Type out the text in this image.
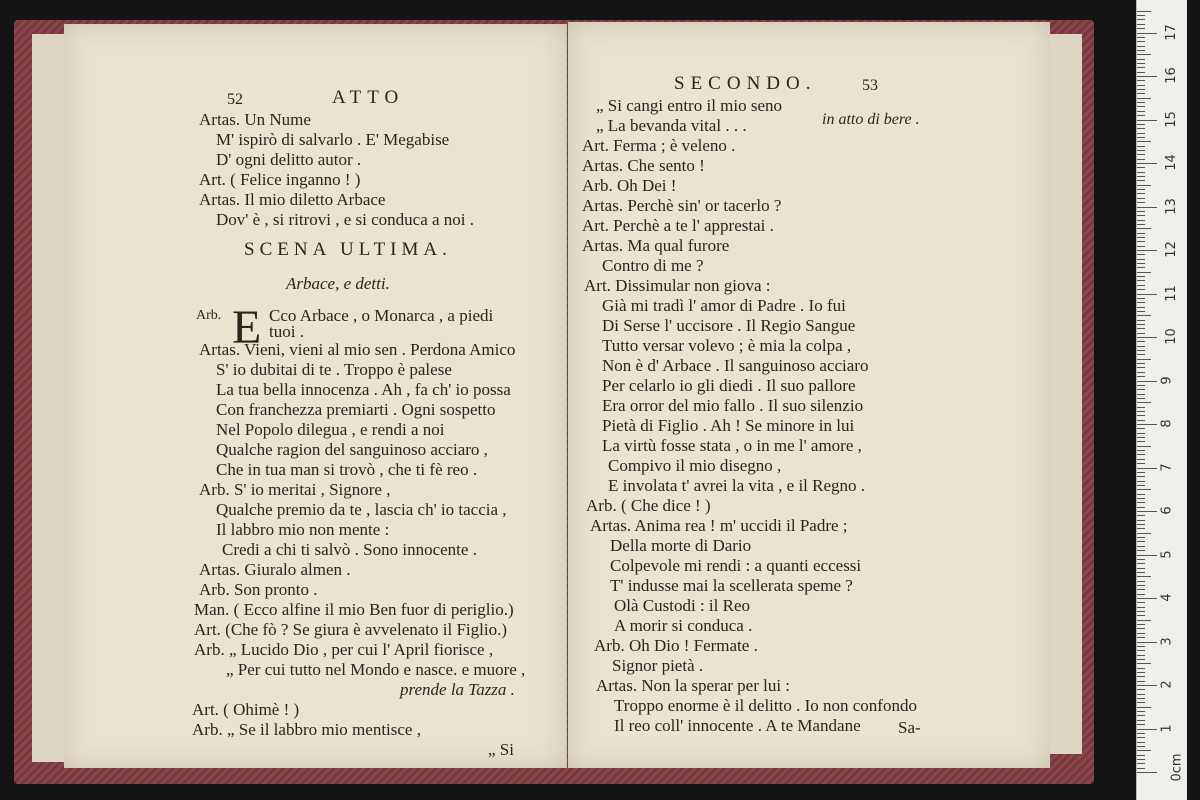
52	ATTO
Artas. Un Nume
M' ispirò di salvarlo . E' Megabise
D' ogni delitto autor .
Art. ( Felice inganno ! )
Artas. Il mio diletto Arbace
Dov' è , si ritrovi , e si conduca a noi .
SCENA ULTIMA.
Arbace, e detti.
Arb. E Cco Arbace , o Monarca , a piedi
tuoi .
Artas. Vieni, vieni al mio sen . Perdona Amico
S' io dubitai di te . Troppo è palese
La tua bella innocenza . Ah , fa ch' io possa
Con franchezza premiarti . Ogni sospetto
Nel Popolo dilegua , e rendi a noi
Qualche ragion del sanguinoso acciaro ,
Che in tua man si trovò , che ti fè reo .
Arb. S' io meritai , Signore ,
Qualche premio da te , lascia ch' io taccia ,
Il labbro mio non mente :
Credi a chi ti salvò . Sono innocente .
Artas. Giuralo almen .
Arb. Son pronto .
Man. ( Ecco alfine il mio Ben fuor di periglio.)
Art. (Che fò ? Se giura è avvelenato il Figlio.)
Arb. „ Lucido Dio , per cui l' April fiorisce ,
„ Per cui tutto nel Mondo e nasce. e muore ,
prende la Tazza .
Art. ( Ohimè ! )
Arb. „ Se il labbro mio mentisce ,
„ Si
SECONDO.	53
„ Si cangi entro il mio seno
„ La bevanda vital . . .	in atto di bere .
Art. Ferma ; è veleno .
Artas. Che sento !
Arb. Oh Dei !
Artas. Perchè sin' or tacerlo ?
Art. Perchè a te l' apprestai .
Artas. Ma qual furore
Contro di me ?
Art. Dissimular non giova :
Già mi tradì l' amor di Padre . Io fui
Di Serse l' uccisore . Il Regio Sangue
Tutto versar volevo ; è mia la colpa ,
Non è d' Arbace . Il sanguinoso acciaro
Per celarlo io gli diedi . Il suo pallore
Era orror del mio fallo . Il suo silenzio
Pietà di Figlio . Ah ! Se minore in lui
La virtù fosse stata , o in me l' amore ,
Compivo il mio disegno ,
E involata t' avrei la vita , e il Regno .
Arb. ( Che dice ! )
Artas. Anima rea ! m' uccidi il Padre ;
Della morte di Dario
Colpevole mi rendi : a quanti eccessi
T' indusse mai la scellerata speme ?
Olà Custodi : il Reo
A morir si conduca .
Arb. Oh Dio ! Fermate .
Signor pietà .
Artas. Non la sperar per lui :
Troppo enorme è il delitto . Io non confondo
Il reo coll' innocente . A te Mandane Sa-
0cm
1
2
3
4
5
6
7
8
9
10
11
12
13
14
15
16
17
